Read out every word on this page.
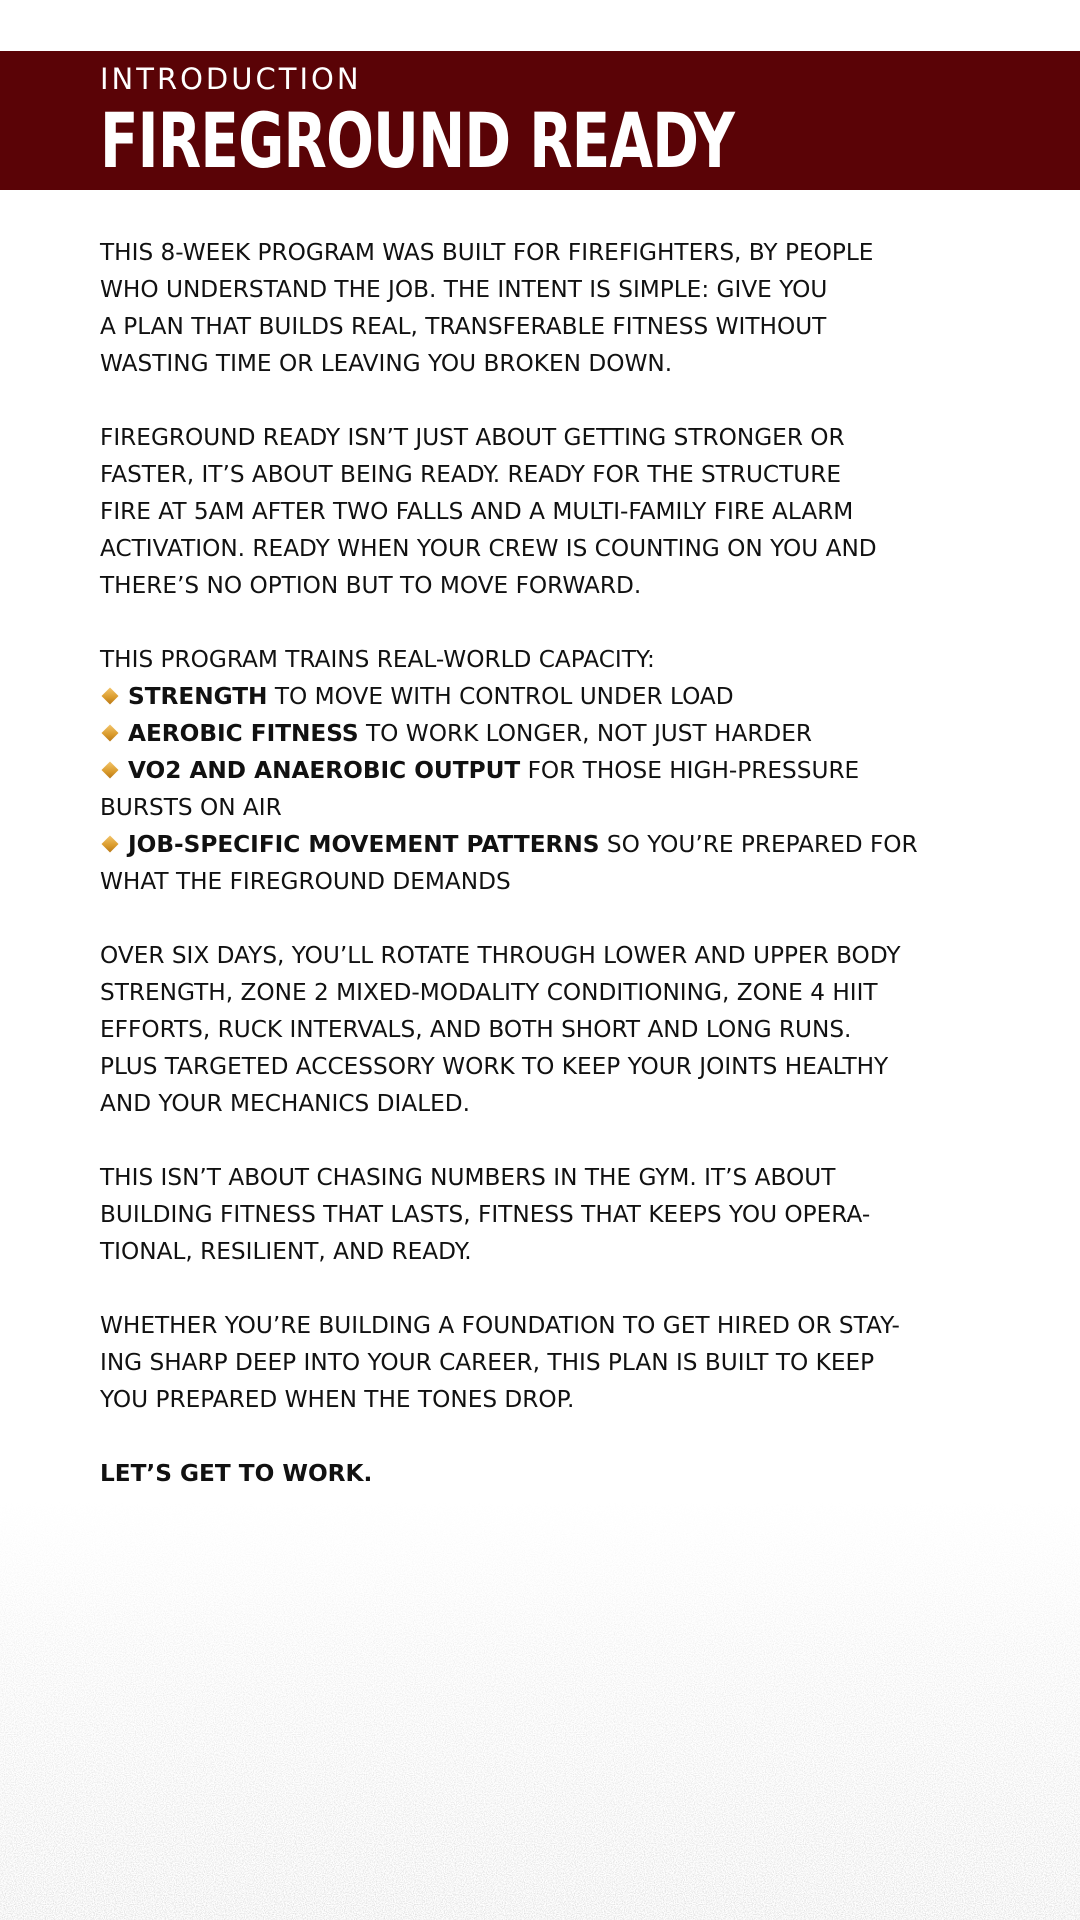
INTRODUCTION
FIREGROUND READY
THIS 8-WEEK PROGRAM WAS BUILT FOR FIREFIGHTERS, BY PEOPLE
WHO UNDERSTAND THE JOB. THE INTENT IS SIMPLE: GIVE YOU
A PLAN THAT BUILDS REAL, TRANSFERABLE FITNESS WITHOUT
WASTING TIME OR LEAVING YOU BROKEN DOWN.
FIREGROUND READY ISN’T JUST ABOUT GETTING STRONGER OR
FASTER, IT’S ABOUT BEING READY. READY FOR THE STRUCTURE
FIRE AT 5AM AFTER TWO FALLS AND A MULTI-FAMILY FIRE ALARM
ACTIVATION. READY WHEN YOUR CREW IS COUNTING ON YOU AND
THERE’S NO OPTION BUT TO MOVE FORWARD.
THIS PROGRAM TRAINS REAL-WORLD CAPACITY:
STRENGTH TO MOVE WITH CONTROL UNDER LOAD
AEROBIC FITNESS TO WORK LONGER, NOT JUST HARDER
VO2 AND ANAEROBIC OUTPUT FOR THOSE HIGH-PRESSURE
BURSTS ON AIR
JOB-SPECIFIC MOVEMENT PATTERNS SO YOU’RE PREPARED FOR
WHAT THE FIREGROUND DEMANDS
OVER SIX DAYS, YOU’LL ROTATE THROUGH LOWER AND UPPER BODY
STRENGTH, ZONE 2 MIXED-MODALITY CONDITIONING, ZONE 4 HIIT
EFFORTS, RUCK INTERVALS, AND BOTH SHORT AND LONG RUNS.
PLUS TARGETED ACCESSORY WORK TO KEEP YOUR JOINTS HEALTHY
AND YOUR MECHANICS DIALED.
THIS ISN’T ABOUT CHASING NUMBERS IN THE GYM. IT’S ABOUT
BUILDING FITNESS THAT LASTS, FITNESS THAT KEEPS YOU OPERA-
TIONAL, RESILIENT, AND READY.
WHETHER YOU’RE BUILDING A FOUNDATION TO GET HIRED OR STAY-
ING SHARP DEEP INTO YOUR CAREER, THIS PLAN IS BUILT TO KEEP
YOU PREPARED WHEN THE TONES DROP.
LET’S GET TO WORK.
